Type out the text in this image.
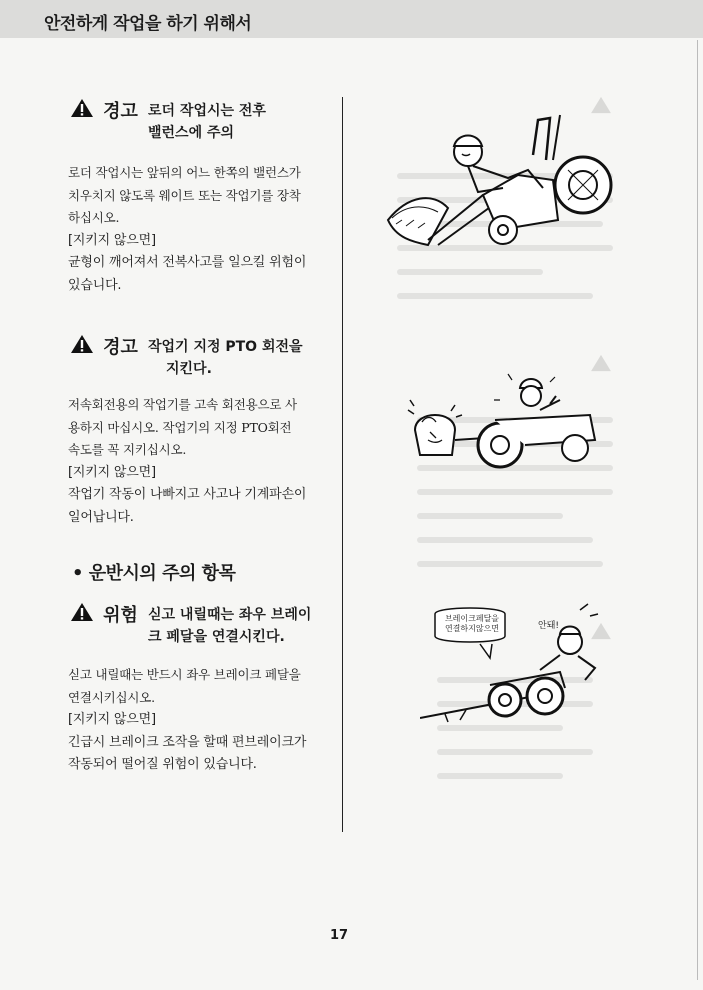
안전하게 작업을 하기 위해서
경고 로더 작업시는 전후
밸런스에 주의
로더 작업시는 앞뒤의 어느 한쪽의 밸런스가
치우치지 않도록 웨이트 또는 작업기를 장착
하십시오.
[지키지 않으면]
균형이 깨어져서 전복사고를 일으킬 위험이
있습니다.
경고 작업기 지정 PTO 회전을
지킨다.
저속회전용의 작업기를 고속 회전용으로 사
용하지 마십시오. 작업기의 지정 PTO회전
속도를 꼭 지키십시오.
[지키지 않으면]
작업기 작동이 나빠지고 사고나 기계파손이
일어납니다.
• 운반시의 주의 항목
위험 싣고 내릴때는 좌우 브레이
크 페달을 연결시킨다.
싣고 내릴때는 반드시 좌우 브레이크 페달을
연결시키십시오.
[지키지 않으면]
긴급시 브레이크 조작을 할때 편브레이크가
작동되어 떨어질 위험이 있습니다.
브레이크페달을
연결하지않으면	안돼!
17
